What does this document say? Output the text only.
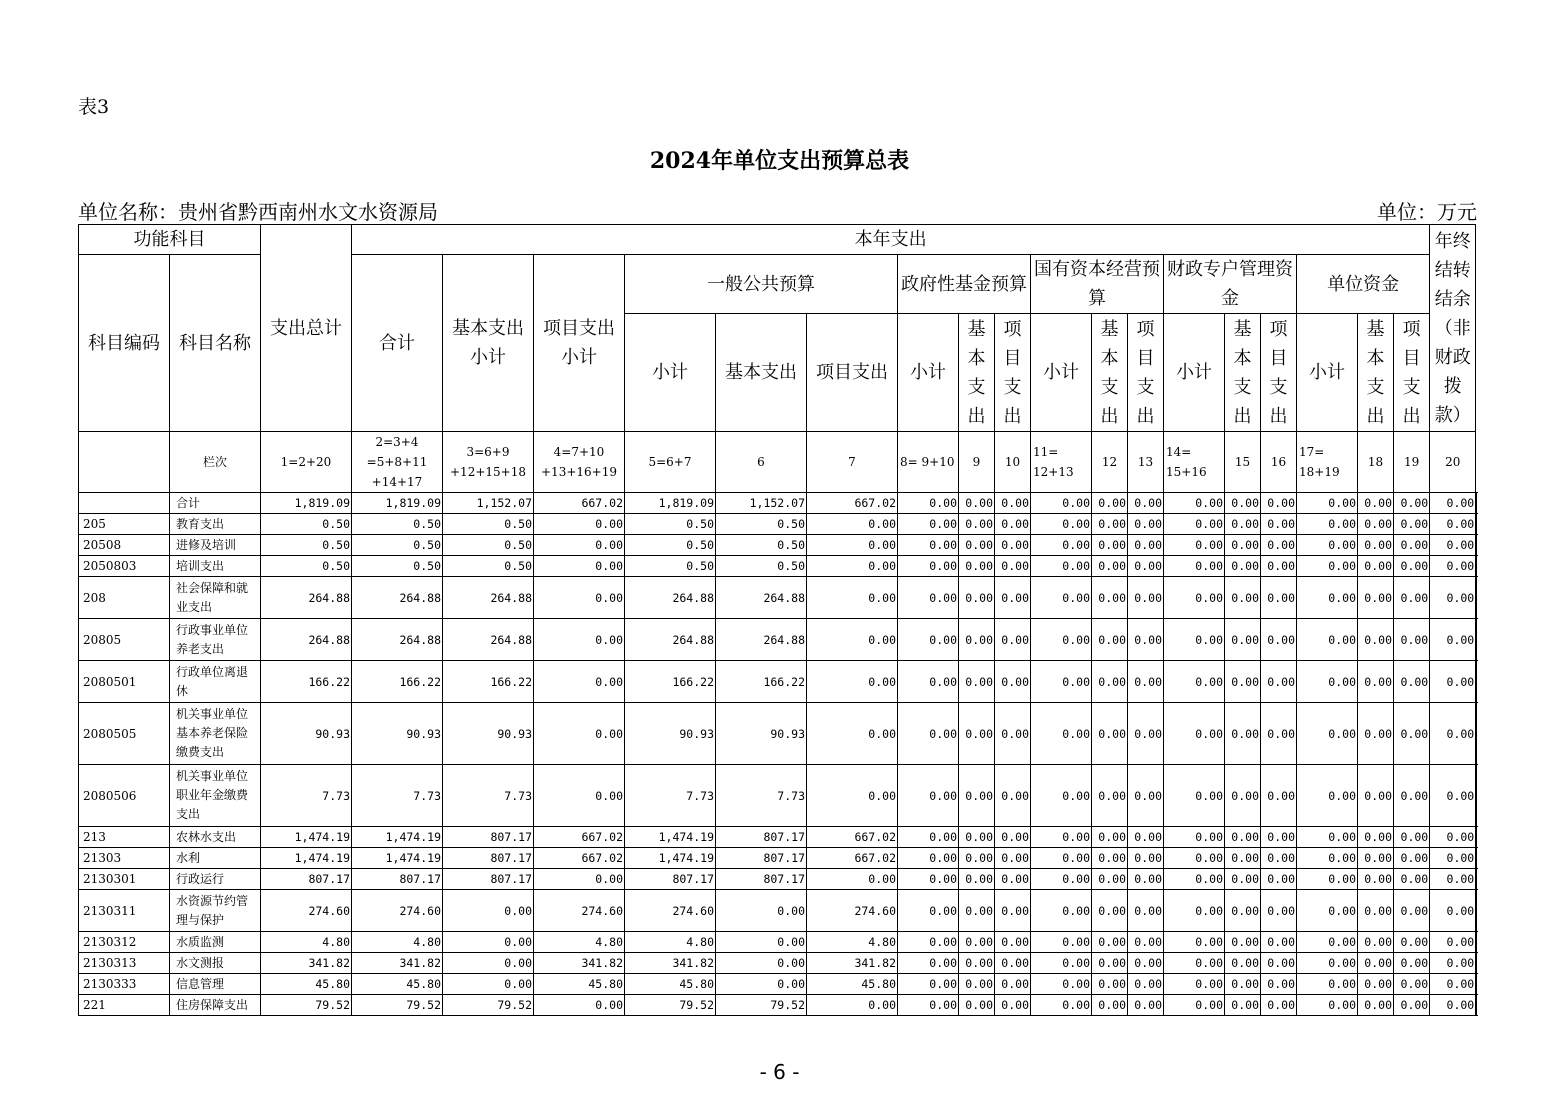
表3
2024年单位支出预算总表
单位名称：贵州省黔西南州水文水资源局	单位：万元
功能科目		支出总计	本年支出																		年终结转结余（非财政拨款）	
科目编码	科目名称		合计	基本支出小计	项目支出小计	一般公共预算			政府性基金预算			国有资本经营预算			财政专户管理资金			单位资金				
						小计	基本支出	项目支出	小计	基本支出	项目支出	小计	基本支出	项目支出	小计	基本支出	项目支出	小计	基本支出	项目支出		
	栏次	1=2+20	2=3+4 =5+8+11 +14+17	3=6+9 +12+15+18	4=7+10 +13+16+19	5=6+7	6	7	8= 9+10	9	10	11= 12+13	12	13	14= 15+16	15	16	17= 18+19	18	19	20	
	合计	1,819.09	1,819.09	1,152.07	667.02	1,819.09	1,152.07	667.02	0.00	0.00	0.00	0.00	0.00	0.00	0.00	0.00	0.00	0.00	0.00	0.00	0.00		
205	教育支出	0.50	0.50	0.50	0.00	0.50	0.50	0.00	0.00	0.00	0.00	0.00	0.00	0.00	0.00	0.00	0.00	0.00	0.00	0.00	0.00		
20508	进修及培训	0.50	0.50	0.50	0.00	0.50	0.50	0.00	0.00	0.00	0.00	0.00	0.00	0.00	0.00	0.00	0.00	0.00	0.00	0.00	0.00		
2050803	培训支出	0.50	0.50	0.50	0.00	0.50	0.50	0.00	0.00	0.00	0.00	0.00	0.00	0.00	0.00	0.00	0.00	0.00	0.00	0.00	0.00		
208	社会保障和就业支出	264.88	264.88	264.88	0.00	264.88	264.88	0.00	0.00	0.00	0.00	0.00	0.00	0.00	0.00	0.00	0.00	0.00	0.00	0.00	0.00		
20805	行政事业单位养老支出	264.88	264.88	264.88	0.00	264.88	264.88	0.00	0.00	0.00	0.00	0.00	0.00	0.00	0.00	0.00	0.00	0.00	0.00	0.00	0.00		
2080501	行政单位离退休	166.22	166.22	166.22	0.00	166.22	166.22	0.00	0.00	0.00	0.00	0.00	0.00	0.00	0.00	0.00	0.00	0.00	0.00	0.00	0.00		
2080505	机关事业单位基本养老保险缴费支出	90.93	90.93	90.93	0.00	90.93	90.93	0.00	0.00	0.00	0.00	0.00	0.00	0.00	0.00	0.00	0.00	0.00	0.00	0.00	0.00		
2080506	机关事业单位职业年金缴费支出	7.73	7.73	7.73	0.00	7.73	7.73	0.00	0.00	0.00	0.00	0.00	0.00	0.00	0.00	0.00	0.00	0.00	0.00	0.00	0.00		
213	农林水支出	1,474.19	1,474.19	807.17	667.02	1,474.19	807.17	667.02	0.00	0.00	0.00	0.00	0.00	0.00	0.00	0.00	0.00	0.00	0.00	0.00	0.00		
21303	水利	1,474.19	1,474.19	807.17	667.02	1,474.19	807.17	667.02	0.00	0.00	0.00	0.00	0.00	0.00	0.00	0.00	0.00	0.00	0.00	0.00	0.00		
2130301	行政运行	807.17	807.17	807.17	0.00	807.17	807.17	0.00	0.00	0.00	0.00	0.00	0.00	0.00	0.00	0.00	0.00	0.00	0.00	0.00	0.00		
2130311	水资源节约管理与保护	274.60	274.60	0.00	274.60	274.60	0.00	274.60	0.00	0.00	0.00	0.00	0.00	0.00	0.00	0.00	0.00	0.00	0.00	0.00	0.00		
2130312	水质监测	4.80	4.80	0.00	4.80	4.80	0.00	4.80	0.00	0.00	0.00	0.00	0.00	0.00	0.00	0.00	0.00	0.00	0.00	0.00	0.00		
2130313	水文测报	341.82	341.82	0.00	341.82	341.82	0.00	341.82	0.00	0.00	0.00	0.00	0.00	0.00	0.00	0.00	0.00	0.00	0.00	0.00	0.00		
2130333	信息管理	45.80	45.80	0.00	45.80	45.80	0.00	45.80	0.00	0.00	0.00	0.00	0.00	0.00	0.00	0.00	0.00	0.00	0.00	0.00	0.00		
221	住房保障支出	79.52	79.52	79.52	0.00	79.52	79.52	0.00	0.00	0.00	0.00	0.00	0.00	0.00	0.00	0.00	0.00	0.00	0.00	0.00	0.00		
- 6 -
